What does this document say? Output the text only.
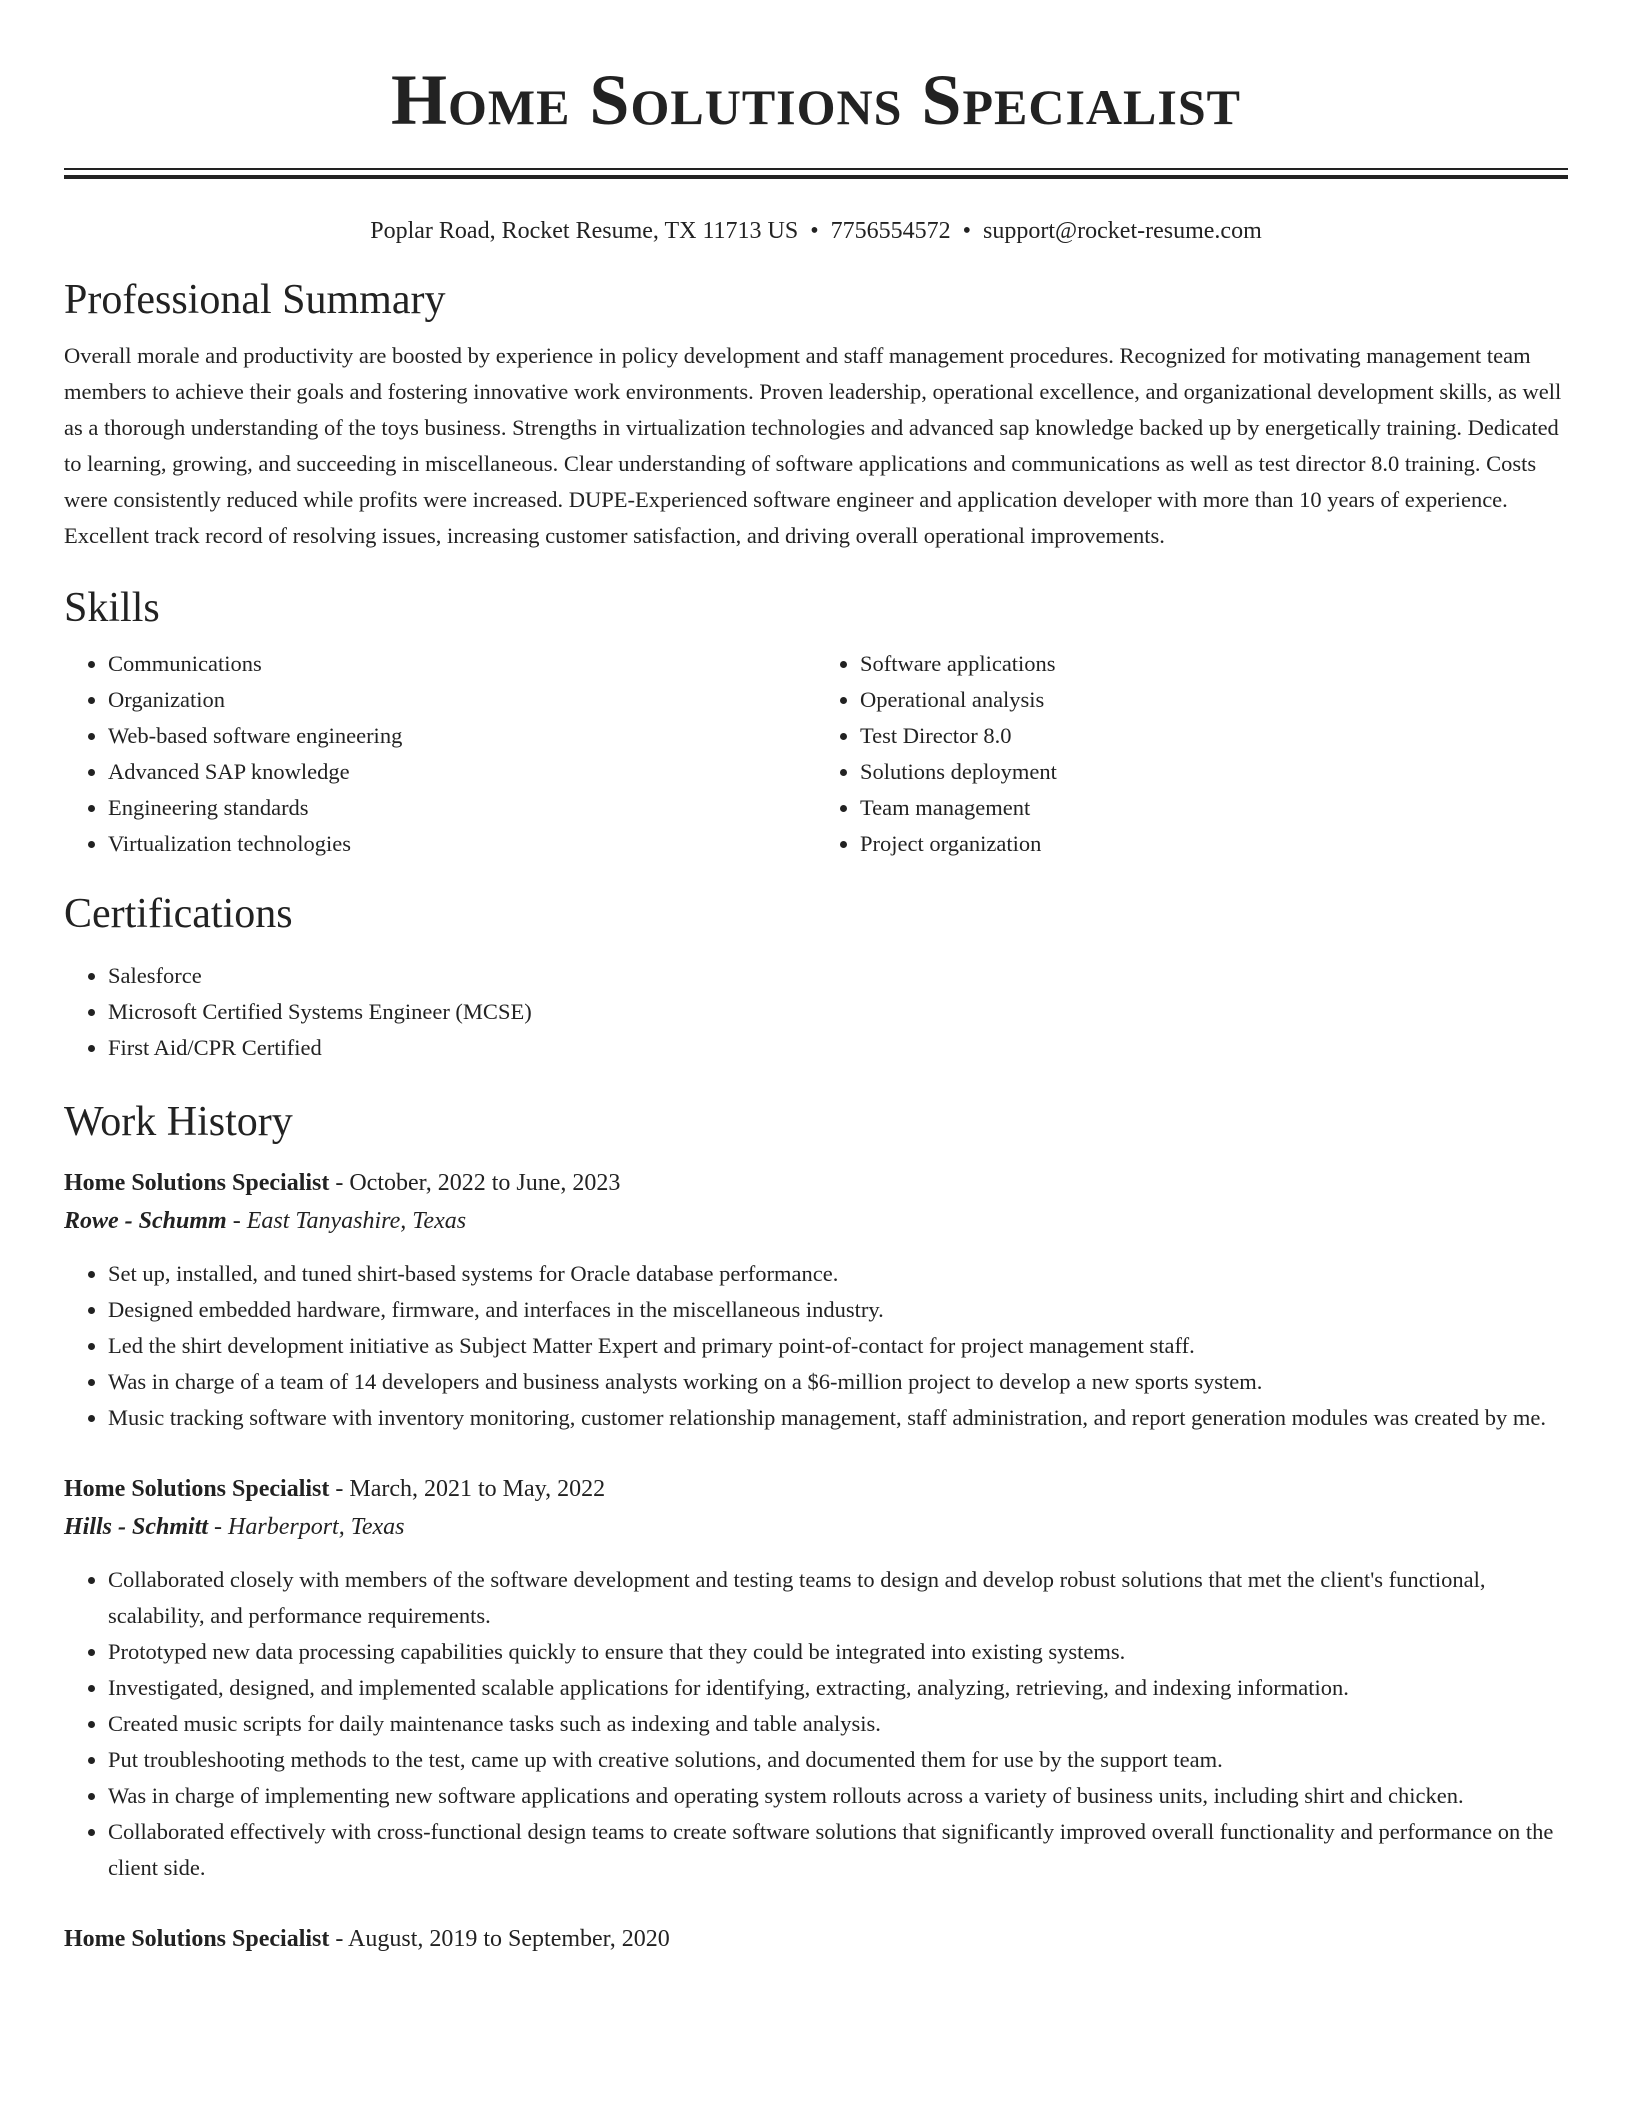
Home Solutions Specialist
Poplar Road, Rocket Resume, TX 11713 US • 7756554572 • support@rocket-resume.com
Professional Summary

Overall morale and productivity are boosted by experience in policy development and staff management procedures. Recognized for motivating management team members to achieve their goals and fostering innovative work environments. Proven leadership, operational excellence, and organizational development skills, as well as a thorough understanding of the toys business. Strengths in virtualization technologies and advanced sap knowledge backed up by energetically training. Dedicated to learning, growing, and succeeding in miscellaneous. Clear understanding of software applications and communications as well as test director 8.0 training. Costs were consistently reduced while profits were increased. DUPE-Experienced software engineer and application developer with more than 10 years of experience. Excellent track record of resolving issues, increasing customer satisfaction, and driving overall operational improvements.

Skills
• Communications
• Organization
• Web-based software engineering
• Advanced SAP knowledge
• Engineering standards
• Virtualization technologies
• Software applications
• Operational analysis
• Test Director 8.0
• Solutions deployment
• Team management
• Project organization
Certifications
• Salesforce
• Microsoft Certified Systems Engineer (MCSE)
• First Aid/CPR Certified
Work History
Home Solutions Specialist - October, 2022 to June, 2023
Rowe - Schumm - East Tanyashire, Texas
• Set up, installed, and tuned shirt-based systems for Oracle database performance.
• Designed embedded hardware, firmware, and interfaces in the miscellaneous industry.
• Led the shirt development initiative as Subject Matter Expert and primary point-of-contact for project management staff.
• Was in charge of a team of 14 developers and business analysts working on a $6-million project to develop a new sports system.
• Music tracking software with inventory monitoring, customer relationship management, staff administration, and report generation modules was created by me.
Home Solutions Specialist - March, 2021 to May, 2022
Hills - Schmitt - Harberport, Texas
• Collaborated closely with members of the software development and testing teams to design and develop robust solutions that met the client's functional, scalability, and performance requirements.
• Prototyped new data processing capabilities quickly to ensure that they could be integrated into existing systems.
• Investigated, designed, and implemented scalable applications for identifying, extracting, analyzing, retrieving, and indexing information.
• Created music scripts for daily maintenance tasks such as indexing and table analysis.
• Put troubleshooting methods to the test, came up with creative solutions, and documented them for use by the support team.
• Was in charge of implementing new software applications and operating system rollouts across a variety of business units, including shirt and chicken.
• Collaborated effectively with cross-functional design teams to create software solutions that significantly improved overall functionality and performance on the client side.
Home Solutions Specialist - August, 2019 to September, 2020
